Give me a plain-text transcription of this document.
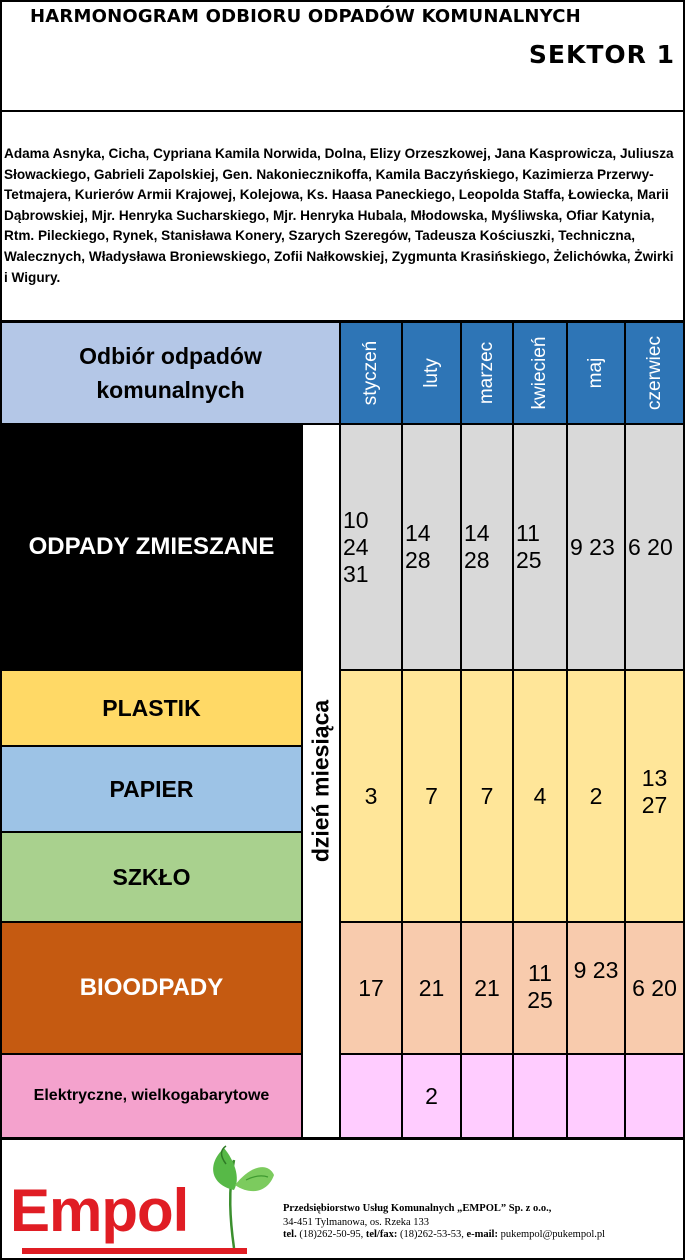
HARMONOGRAM ODBIORU ODPADÓW KOMUNALNYCH
SEKTOR 1
Adama Asnyka, Cicha, Cypriana Kamila Norwida, Dolna, Elizy Orzeszkowej, Jana Kasprowicza, Juliusza Słowackiego, Gabrieli Zapolskiej, Gen. Nakoniecznikoffa, Kamila Baczyńskiego, Kazimierza Przerwy-Tetmajera, Kurierów Armii Krajowej, Kolejowa, Ks. Haasa Paneckiego, Leopolda Staffa, Łowiecka, Marii Dąbrowskiej, Mjr. Henryka Sucharskiego, Mjr. Henryka Hubala, Młodowska, Myśliwska, Ofiar Katynia, Rtm. Pileckiego, Rynek, Stanisława Konery, Szarych Szeregów, Tadeusza Kościuszki, Techniczna, Walecznych, Władysława Broniewskiego, Zofii Nałkowskiej, Zygmunta Krasińskiego, Żelichówka, Żwirki i Wigury.
Odbiór odpadów komunalnych	styczeń luty marzec kwiecień maj czerwiec
ODPADY ZMIESZANE
PLASTIK
PAPIER
SZKŁO
BIOODPADY
Elektryczne, wielkogabarytowe
dzień miesiąca
10
24
31
14
28
14
28
11
25
9 23 6 20
3 7 7 4 2
13
27
17 21 21
11
25
9 23
6 20
2
Empol	Przedsiębiorstwo Usług Komunalnych „EMPOL” Sp. z o.o.,
34-451 Tylmanowa, os. Rzeka 133
tel. (18)262-50-95, tel/fax: (18)262-53-53, e-mail: pukempol@pukempol.pl
